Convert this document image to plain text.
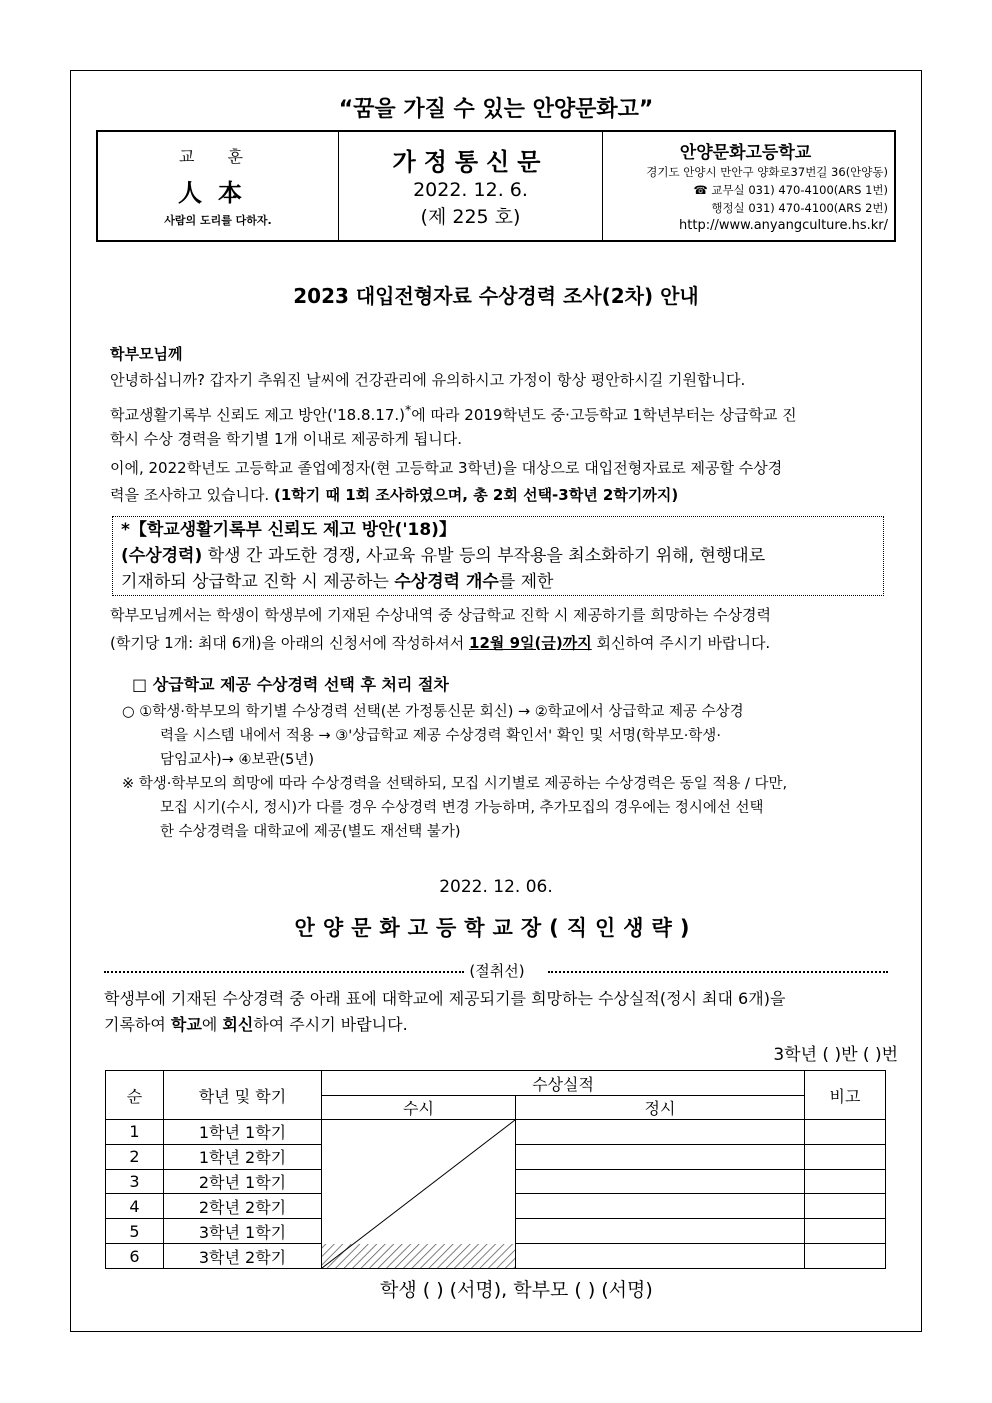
“꿈을 가질 수 있는 안양문화고”
교 훈
人本
사람의 도리를 다하자.
가정통신문
2022. 12. 6.
(제 225 호)
안양문화고등학교
경기도 안양시 만안구 양화로37번길 36(안양동)
☎ 교무실 031) 470-4100(ARS 1번)
행정실 031) 470-4100(ARS 2번)
http://www.anyangculture.hs.kr/
2023 대입전형자료 수상경력 조사(2차) 안내
학부모님께
안녕하십니까? 갑자기 추워진 날씨에 건강관리에 유의하시고 가정이 항상 평안하시길 기원합니다.
학교생활기록부 신뢰도 제고 방안('18.8.17.)*에 따라 2019학년도 중·고등학교 1학년부터는 상급학교 진
학시 수상 경력을 학기별 1개 이내로 제공하게 됩니다.
이에, 2022학년도 고등학교 졸업예정자(현 고등학교 3학년)을 대상으로 대입전형자료로 제공할 수상경
력을 조사하고 있습니다. (1학기 때 1회 조사하였으며, 총 2회 선택-3학년 2학기까지)
*【학교생활기록부 신뢰도 제고 방안('18)】
(수상경력) 학생 간 과도한 경쟁, 사교육 유발 등의 부작용을 최소화하기 위해, 현행대로
기재하되 상급학교 진학 시 제공하는 수상경력 개수를 제한
학부모님께서는 학생이 학생부에 기재된 수상내역 중 상급학교 진학 시 제공하기를 희망하는 수상경력
(학기당 1개: 최대 6개)을 아래의 신청서에 작성하셔서 12월 9일(금)까지 회신하여 주시기 바랍니다.
□ 상급학교 제공 수상경력 선택 후 처리 절차
○ ①학생·학부모의 학기별 수상경력 선택(본 가정통신문 회신) → ②학교에서 상급학교 제공 수상경
력을 시스템 내에서 적용 → ③'상급학교 제공 수상경력 확인서' 확인 및 서명(학부모·학생·
담임교사)→ ④보관(5년)
※ 학생·학부모의 희망에 따라 수상경력을 선택하되, 모집 시기별로 제공하는 수상경력은 동일 적용 / 다만,
모집 시기(수시, 정시)가 다를 경우 수상경력 변경 가능하며, 추가모집의 경우에는 정시에선 선택
한 수상경력을 대학교에 제공(별도 재선택 불가)
2022. 12. 06.
안양문화고등학교장(직인생략)
(절취선)
학생부에 기재된 수상경력 중 아래 표에 대학교에 제공되기를 희망하는 수상실적(정시 최대 6개)을
기록하여 학교에 회신하여 주시기 바랍니다.
3학년 ( )반 ( )번
순	학년 및 학기	수상실적		비고
		수시	정시	
1	1학년 1학기	

2	1학년 2학기			
3	2학년 1학기			
4	2학년 2학기			
5	3학년 1학기			
6	3학년 2학기			
학생 ( ) (서명), 학부모 ( ) (서명)
